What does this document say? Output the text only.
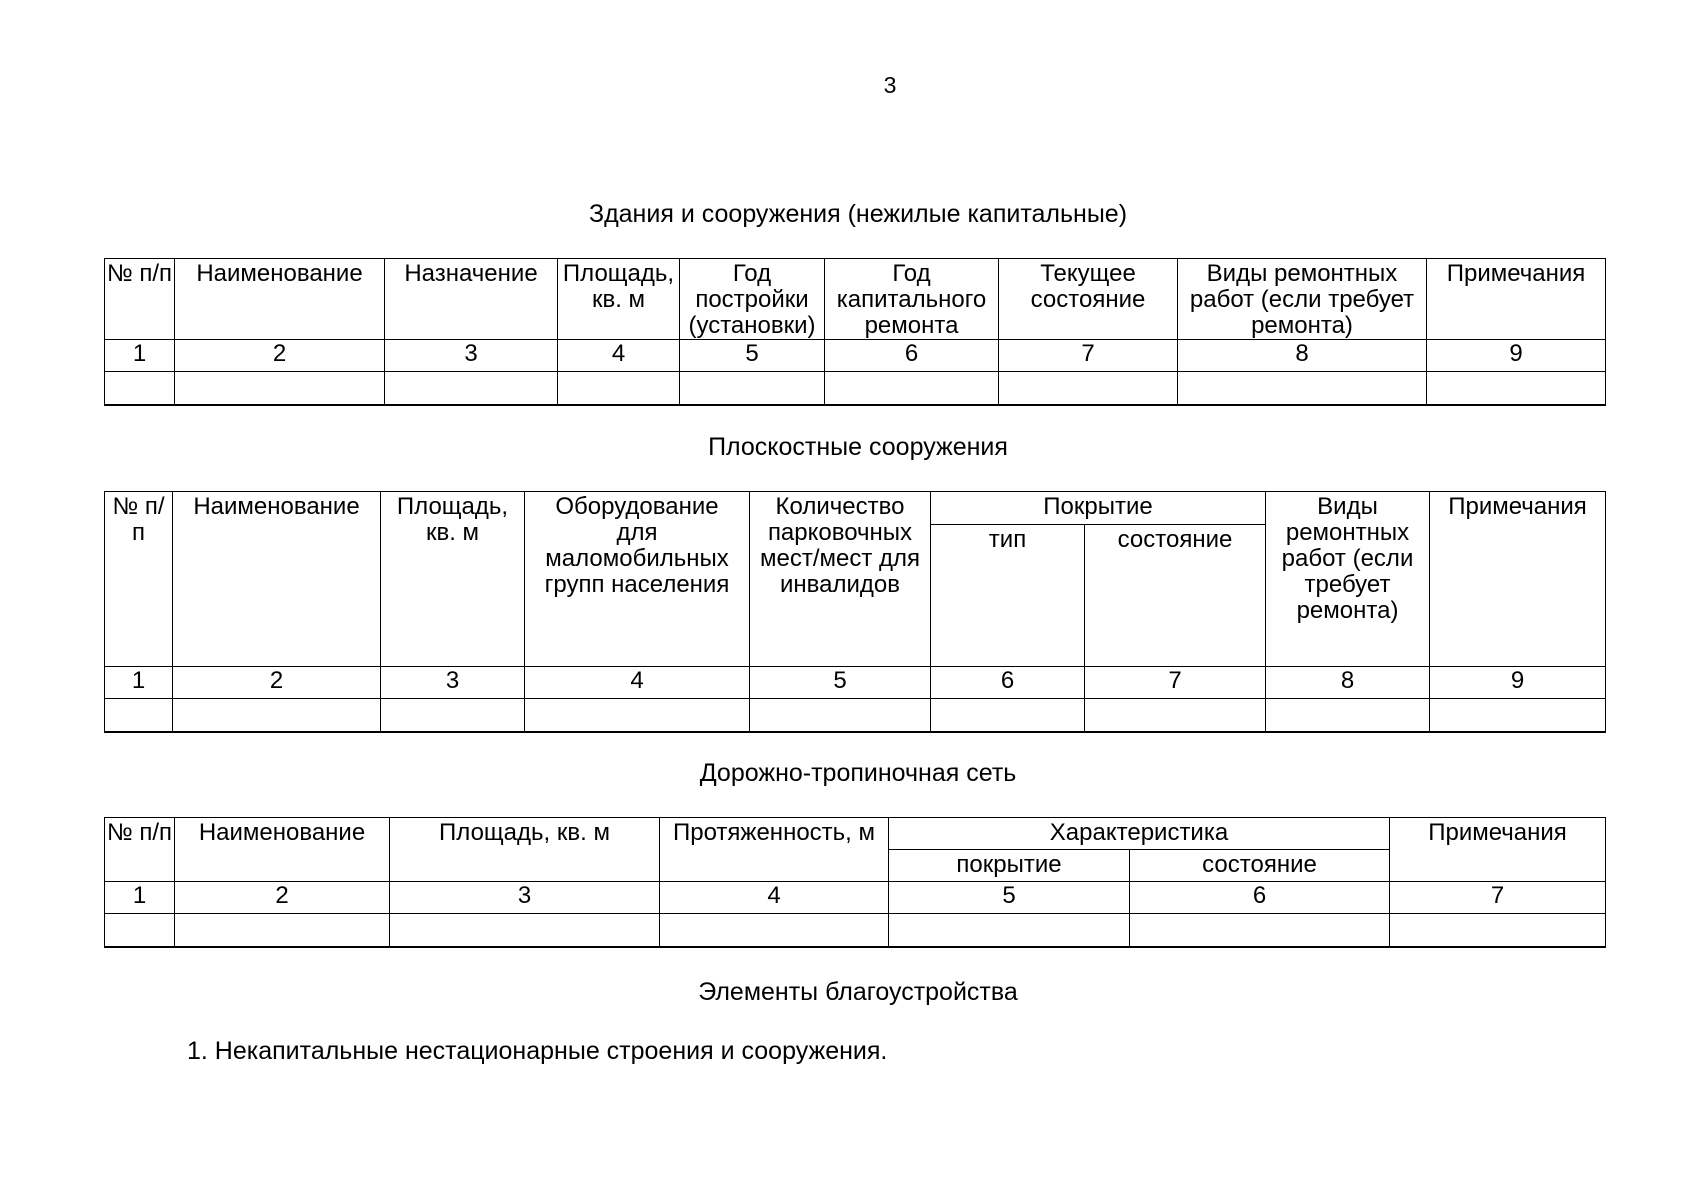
3
Здания и сооружения (нежилые капитальные)
№ п/п	Наименование	Назначение	Площадь, кв. м	Год постройки (установки)	Год капитального ремонта	Текущее состояние	Виды ремонтных работ (если требует ремонта)	Примечания
1	2	3	4	5	6	7	8	9

Плоскостные сооружения
№ п/п	Наименование	Площадь, кв. м	Оборудование для маломобильных групп населения	Количество парковочных мест/мест для инвалидов	Покрытие		Виды ремонтных работ (если требует ремонта)	Примечания
					тип	состояние		
1	2	3	4	5	6	7	8	9

Дорожно-тропиночная сеть
№ п/п	Наименование	Площадь, кв. м	Протяженность, м	Характеристика		Примечания
				покрытие	состояние	
1	2	3	4	5	6	7

Элементы благоустройства
1. Некапитальные нестационарные строения и сооружения.
